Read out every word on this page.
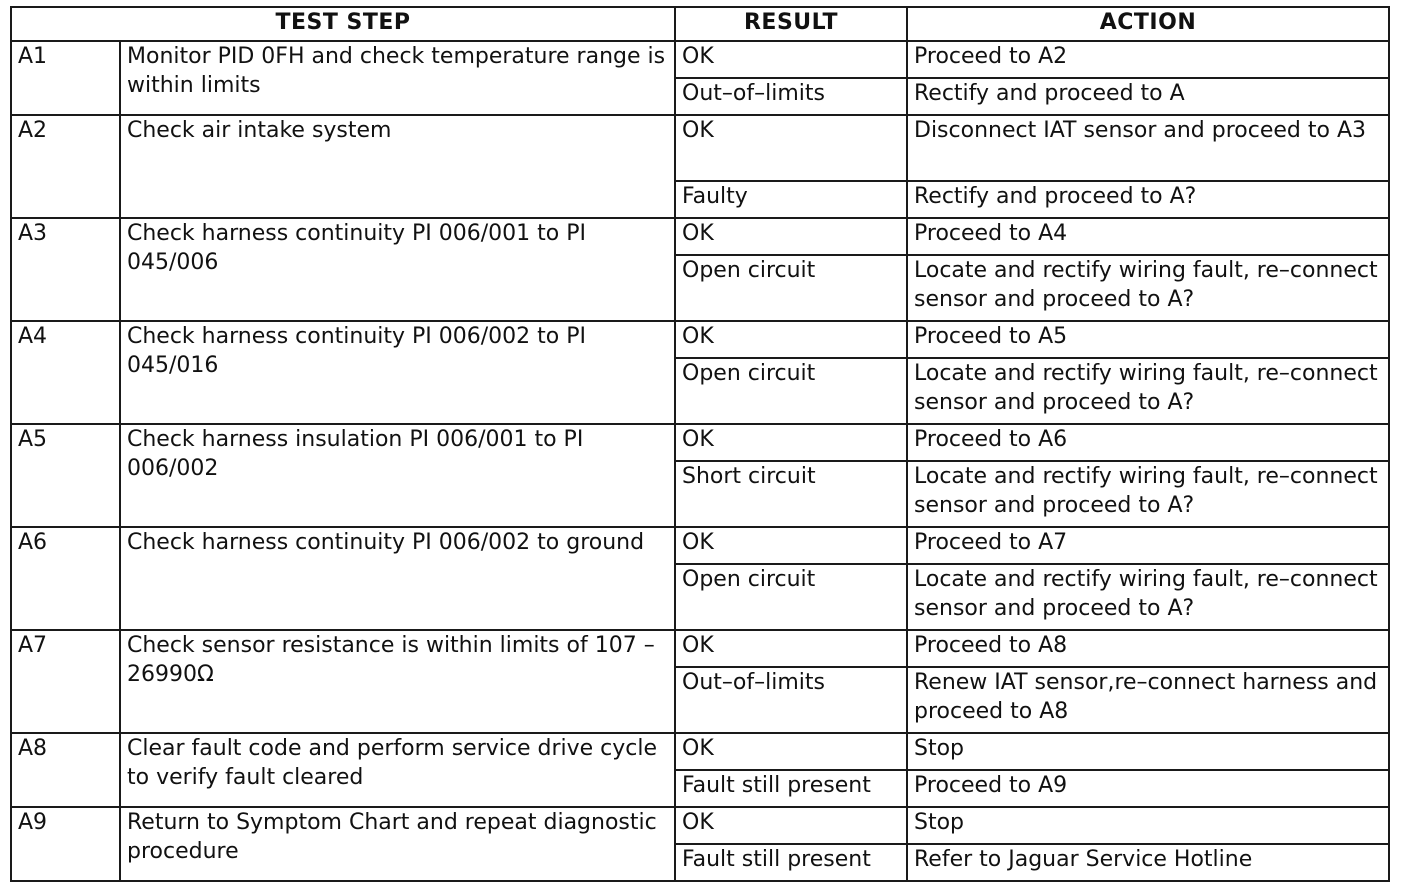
TEST STEP		RESULT	ACTION
A1	Monitor PID 0FH and check temperature range is within limits	OK	Proceed to A2
		Out–of–limits	Rectify and proceed to A
A2	Check air intake system	OK	Disconnect IAT sensor and proceed to A3
		Faulty	Rectify and proceed to A?
A3	Check harness continuity PI 006/001 to PI 045/006	OK	Proceed to A4
		Open circuit	Locate and rectify wiring fault, re–connect sensor and proceed to A?
A4	Check harness continuity PI 006/002 to PI 045/016	OK	Proceed to A5
		Open circuit	Locate and rectify wiring fault, re–connect sensor and proceed to A?
A5	Check harness insulation PI 006/001 to PI 006/002	OK	Proceed to A6
		Short circuit	Locate and rectify wiring fault, re–connect sensor and proceed to A?
A6	Check harness continuity PI 006/002 to ground	OK	Proceed to A7
		Open circuit	Locate and rectify wiring fault, re–connect sensor and proceed to A?
A7	Check sensor resistance is within limits of 107 – 26990Ω	OK	Proceed to A8
		Out–of–limits	Renew IAT sensor,re–connect harness and proceed to A8
A8	Clear fault code and perform service drive cycle to verify fault cleared	OK	Stop
		Fault still present	Proceed to A9
A9	Return to Symptom Chart and repeat diagnostic procedure	OK	Stop
		Fault still present	Refer to Jaguar Service Hotline
